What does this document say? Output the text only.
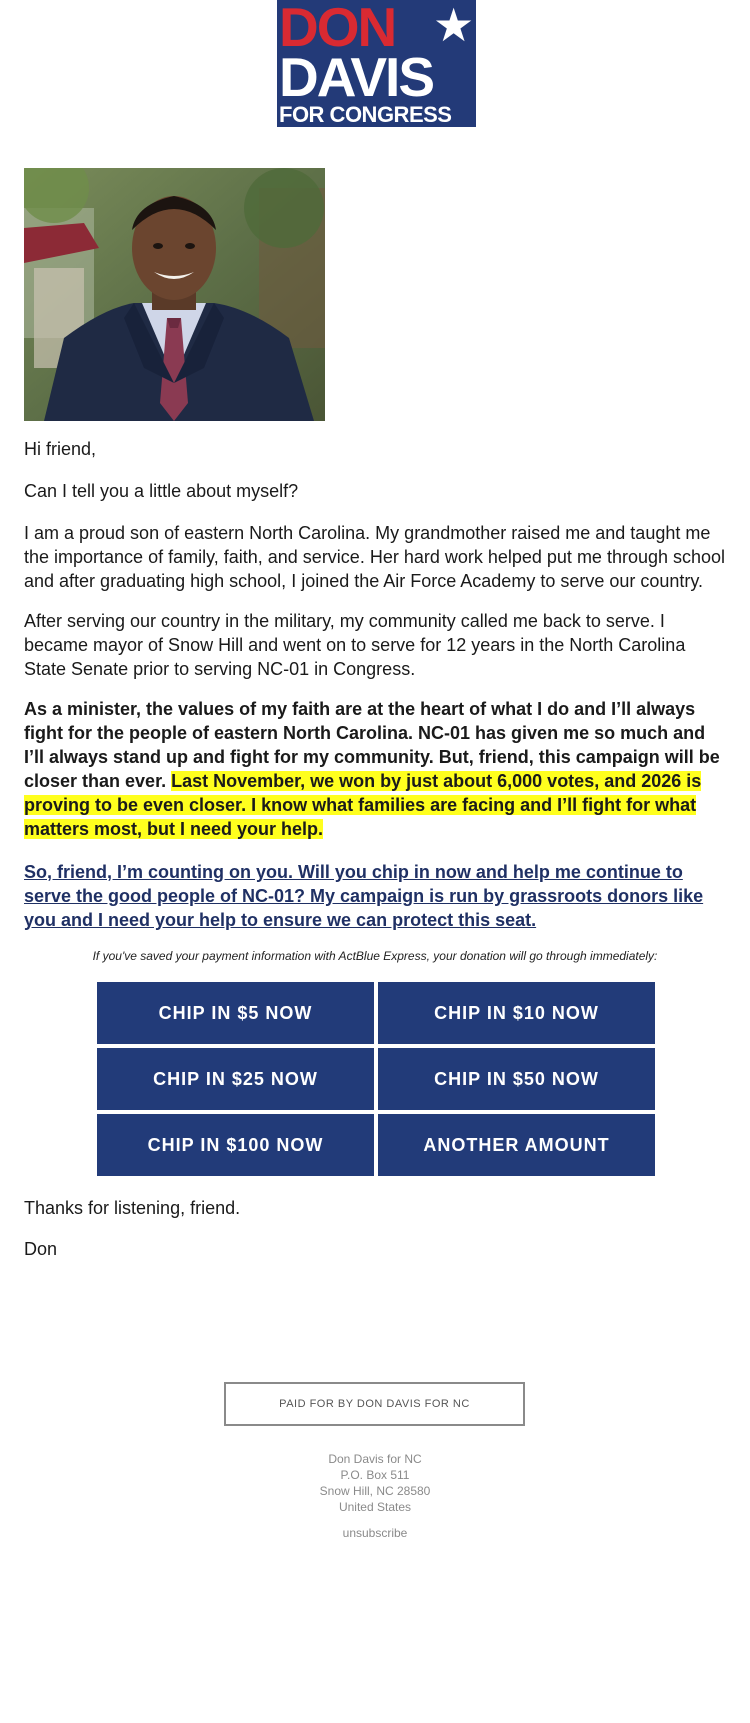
DON ★
DAVIS
FOR CONGRESS

Hi friend,

Can I tell you a little about myself?

I am a proud son of eastern North Carolina. My grandmother raised me and taught me the importance of family, faith, and service. Her hard work helped put me through school and after graduating high school, I joined the Air Force Academy to serve our country.

After serving our country in the military, my community called me back to serve. I became mayor of Snow Hill and went on to serve for 12 years in the North Carolina State Senate prior to serving NC-01 in Congress.

As a minister, the values of my faith are at the heart of what I do and I’ll always fight for the people of eastern North Carolina. NC-01 has given me so much and I’ll always stand up and fight for my community. But, friend, this campaign will be closer than ever. Last November, we won by just about 6,000 votes, and 2026 is proving to be even closer. I know what families are facing and I’ll fight for what matters most, but I need your help.

So, friend, I’m counting on you. Will you chip in now and help me continue to serve the good people of NC-01? My campaign is run by grassroots donors like you and I need your help to ensure we can protect this seat.

If you've saved your payment information with ActBlue Express, your donation will go through immediately:

CHIP IN $5 NOW	CHIP IN $10 NOW
CHIP IN $25 NOW	CHIP IN $50 NOW
CHIP IN $100 NOW	ANOTHER AMOUNT

Thanks for listening, friend.

Don

PAID FOR BY DON DAVIS FOR NC

Don Davis for NC

P.O. Box 511

Snow Hill, NC 28580

United States

unsubscribe
